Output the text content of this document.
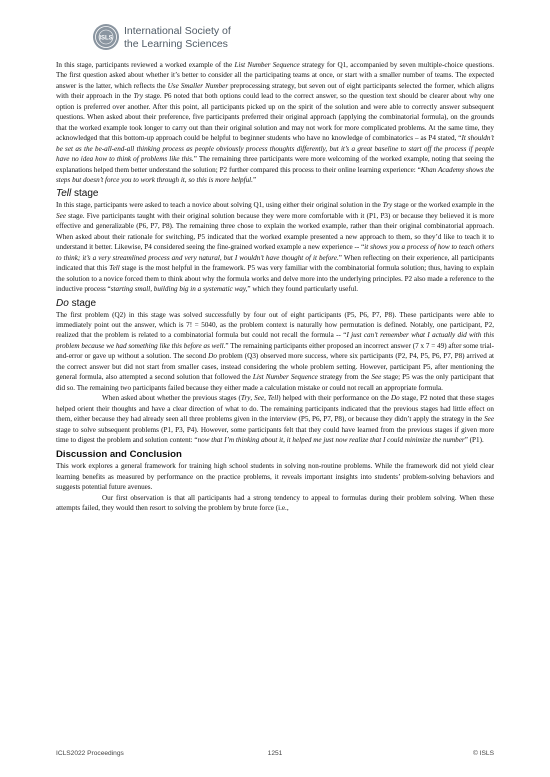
ISLS
International Society of
the Learning Sciences

In this stage, participants reviewed a worked example of the List Number Sequence strategy for Q1, accompanied by seven multiple-choice questions. The first question asked about whether it’s better to consider all the participating teams at once, or start with a smaller number of teams. The expected answer is the latter, which reflects the Use Smaller Number preprocessing strategy, but seven out of eight participants selected the former, which aligns with their approach in the Try stage. P6 noted that both options could lead to the correct answer, so the question text should be clearer about why one option is preferred over another. After this point, all participants picked up on the spirit of the solution and were able to correctly answer subsequent questions. When asked about their preference, five participants preferred their original approach (applying the combinatorial formula), on the grounds that the worked example took longer to carry out than their original solution and may not work for more complicated problems. At the same time, they acknowledged that this bottom-up approach could be helpful to beginner students who have no knowledge of combinatorics – as P4 stated, “It shouldn’t be set as the be-all-end-all thinking process as people obviously process thoughts differently, but it’s a great baseline to start off the process if people have no idea how to think of problems like this.” The remaining three participants were more welcoming of the worked example, noting that seeing the explanations helped them better understand the solution; P2 further compared this process to their online learning experience: “Khan Academy shows the steps but doesn’t force you to work through it, so this is more helpful.”

Tell stage

In this stage, participants were asked to teach a novice about solving Q1, using either their original solution in the Try stage or the worked example in the See stage. Five participants taught with their original solution because they were more comfortable with it (P1, P3) or because they believed it is more effective and generalizable (P6, P7, P8). The remaining three chose to explain the worked example, rather than their original combinatorial approach. When asked about their rationale for switching, P5 indicated that the worked example presented a new approach to them, so they’d like to teach it to understand it better. Likewise, P4 considered seeing the fine-grained worked example a new experience -- “it shows you a process of how to teach others to think; it’s a very streamlined process and very natural, but I wouldn’t have thought of it before.” When reflecting on their experience, all participants indicated that this Tell stage is the most helpful in the framework. P5 was very familiar with the combinatorial formula solution; thus, having to explain the solution to a novice forced them to think about why the formula works and delve more into the underlying principles. P2 also made a reference to the inductive process “starting small, building big in a systematic way,” which they found particularly useful.

Do stage

The first problem (Q2) in this stage was solved successfully by four out of eight participants (P5, P6, P7, P8). These participants were able to immediately point out the answer, which is 7! = 5040, as the problem context is naturally how permutation is defined. Notably, one participant, P2, realized that the problem is related to a combinatorial formula but could not recall the formula -- “I just can’t remember what I actually did with this problem because we had something like this before as well.” The remaining participants either proposed an incorrect answer (7 x 7 = 49) after some trial-and-error or gave up without a solution. The second Do problem (Q3) observed more success, where six participants (P2, P4, P5, P6, P7, P8) arrived at the correct answer but did not start from smaller cases, instead considering the whole problem setting. However, participant P5, after mentioning the general formula, also attempted a second solution that followed the List Number Sequence strategy from the See stage; P5 was the only participant that did so. The remaining two participants failed because they either made a calculation mistake or could not recall an appropriate formula.

When asked about whether the previous stages (Try, See, Tell) helped with their performance on the Do stage, P2 noted that these stages helped orient their thoughts and have a clear direction of what to do. The remaining participants indicated that the previous stages had little effect on them, either because they had already seen all three problems given in the interview (P5, P6, P7, P8), or because they didn’t apply the strategy in the See stage to solve subsequent problems (P1, P3, P4). However, some participants felt that they could have learned from the previous stages if given more time to digest the problem and solution content: “now that I’m thinking about it, it helped me just now realize that I could minimize the number” (P1).

Discussion and Conclusion

This work explores a general framework for training high school students in solving non-routine problems. While the framework did not yield clear learning benefits as measured by performance on the practice problems, it reveals important insights into students’ problem-solving behaviors and suggests potential future avenues.

Our first observation is that all participants had a strong tendency to appeal to formulas during their problem solving. When these attempts failed, they would then resort to solving the problem by brute force (i.e.,

ICLS2022 Proceedings	1251	© ISLS
